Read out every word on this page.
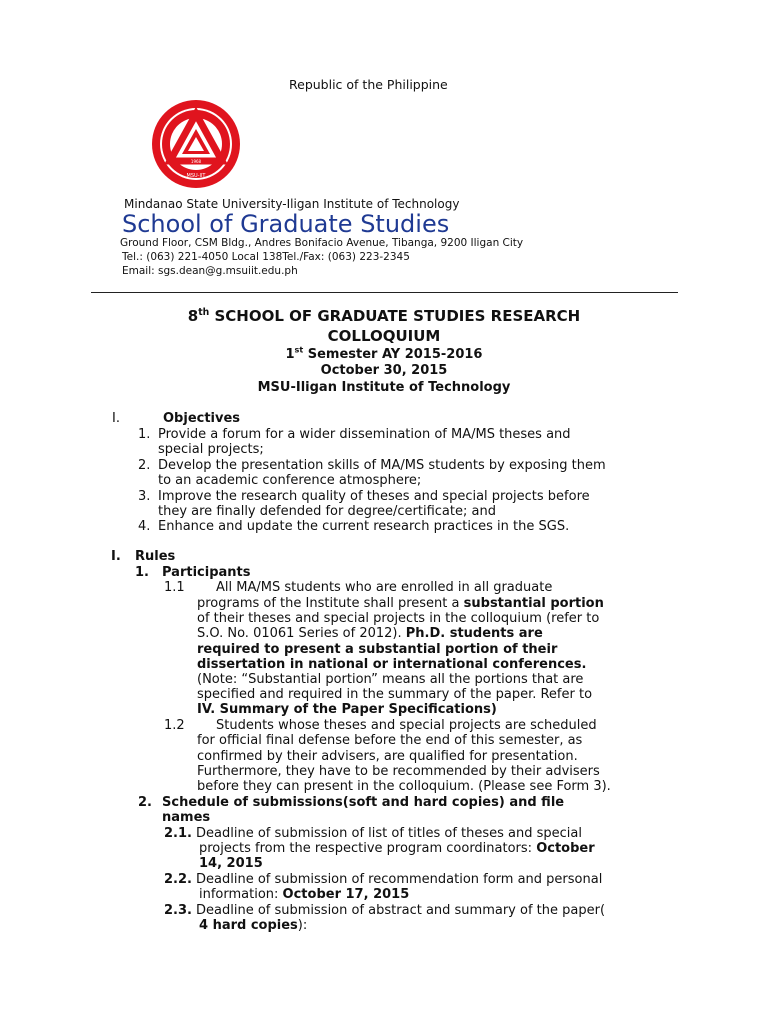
Republic of the Philippine
MSU-IIT
1968
Mindanao State University-Iligan Institute of Technology
School of Graduate Studies
Ground Floor, CSM Bldg., Andres Bonifacio Avenue, Tibanga, 9200 Iligan City
Tel.: (063) 221-4050 Local 138Tel./Fax: (063) 223-2345
Email: sgs.dean@g.msuiit.edu.ph
8th SCHOOL OF GRADUATE STUDIES RESEARCH
COLLOQUIUM
1st Semester AY 2015-2016
October 30, 2015
MSU-Iligan Institute of Technology
I.	Objectives
1. Provide a forum for a wider dissemination of MA/MS theses and
special projects;
2. Develop the presentation skills of MA/MS students by exposing them
to an academic conference atmosphere;
3. Improve the research quality of theses and special projects before
they are finally defended for degree/certificate; and
4. Enhance and update the current research practices in the SGS.
I. Rules
1. Participants
1.1 All MA/MS students who are enrolled in all graduate
programs of the Institute shall present a substantial portion
of their theses and special projects in the colloquium (refer to
S.O. No. 01061 Series of 2012). Ph.D. students are
required to present a substantial portion of their
dissertation in national or international conferences.
(Note: “Substantial portion” means all the portions that are
specified and required in the summary of the paper. Refer to
IV. Summary of the Paper Specifications)
1.2 Students whose theses and special projects are scheduled
for official final defense before the end of this semester, as
confirmed by their advisers, are qualified for presentation.
Furthermore, they have to be recommended by their advisers
before they can present in the colloquium. (Please see Form 3).
2. Schedule of submissions(soft and hard copies) and file
names
2.1. Deadline of submission of list of titles of theses and special
projects from the respective program coordinators: October
14, 2015
2.2. Deadline of submission of recommendation form and personal
information: October 17, 2015
2.3. Deadline of submission of abstract and summary of the paper(
4 hard copies):
